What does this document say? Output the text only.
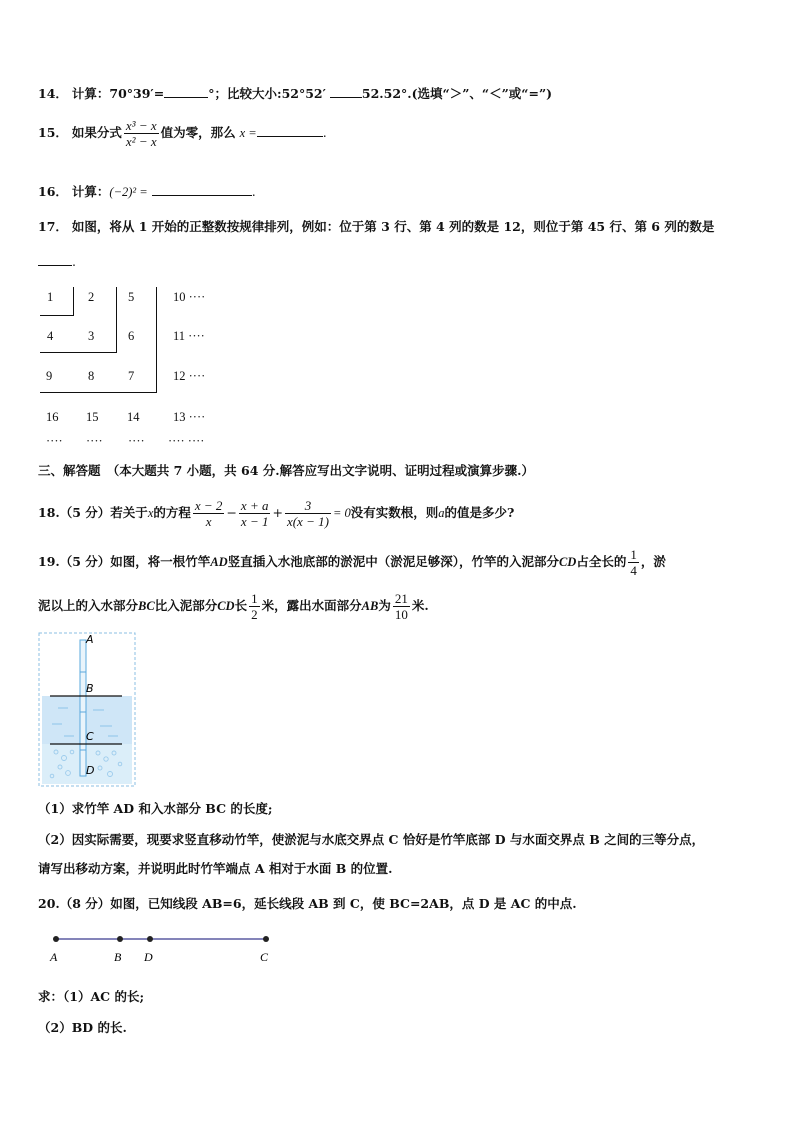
14． 计算：70°39′=	°；比较大小:52°52′	52.52°.(选填“＞”、“＜”或“=”)
15． 如果分式 $\frac{\text{x³ − x}}{\text{x² − x}}$ 值为零，那么 x =	.
16． 计算：(−2)² =	.
17． 如图，将从 1 开始的正整数按规律排列，例如：位于第 3 行、第 4 列的数是 12，则位于第 45 行、第 6 列的数是
.
1	2	5	10 ····
4	3	6	11 ····
9	8	7	12 ····
16 15 14	13 ····
···· ···· ···· ···· ····
三、解答题　（本大题共 7 小题，共 64 分.解答应写出文字说明、证明过程或演算步骤.）
18.（5 分）若关于x的方程 $\frac{x - 2}{x} - \frac{x + a}{x - 1} + \frac{3}{x(x - 1)} = 0$没有实数根，则a的值是多少?
19.（5 分）如图，将一根竹竿AD竖直插入水池底部的淤泥中（淤泥足够深），竹竿的入泥部分CD占全长的 $\frac{1}{4}$ ，淤
泥以上的入水部分BC比入泥部分CD长 $\frac{1}{2}$ 米，露出水面部分AB为 $\frac{21}{10}$ 米.
A
B
C
D
（1）求竹竿 AD 和入水部分 BC 的长度;
（2）因实际需要，现要求竖直移动竹竿，使淤泥与水底交界点 C 恰好是竹竿底部 D 与水面交界点 B 之间的三等分点，
请写出移动方案，并说明此时竹竿端点 A 相对于水面 B 的位置.
20.（8 分）如图，已知线段 AB=6，延长线段 AB 到 C，使 BC=2AB，点 D 是 AC 的中点.
A	B D	C
求：（1）AC 的长;
（2）BD 的长.
